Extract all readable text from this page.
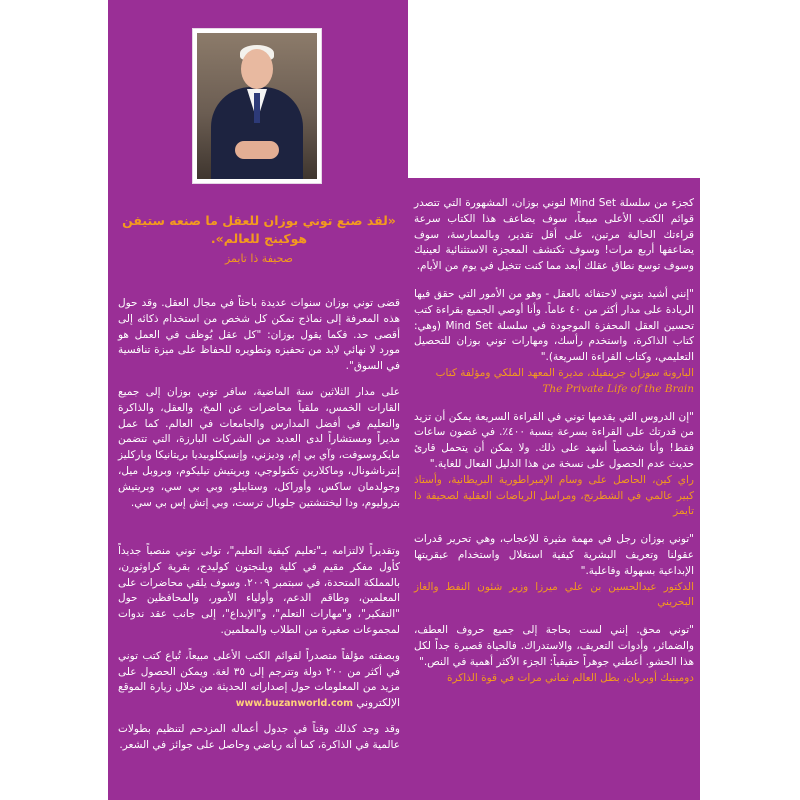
«لقد صنع توني بوزان للعقل ما صنعه ستيفن هوكينج للعالم».

صحيفة ذا تايمز

قضى توني بوزان سنوات عديدة باحثاً في مجال العقل. وقد حول هذه المعرفة إلى نماذج تمكن كل شخص من استخدام ذكائه إلى أقصى حد. فكما يقول بوزان: "كل عقل يُوظف في العمل هو مورد لا نهائي لابد من تحفيزه وتطويره للحفاظ على ميزة تنافسية في السوق".

على مدار الثلاثين سنة الماضية، سافر توني بوزان إلى جميع القارات الخمس، ملقياً محاضرات عن المخ، والعقل، والذاكرة والتعليم في أفضل المدارس والجامعات في العالم. كما عمل مديراً ومستشاراً لدى العديد من الشركات البارزة، التي تتضمن مايكروسوفت، وآي بي إم، وديزني، وإنسيكلوبيديا بريتانيكا وباركليز إنترناشونال، وماكلارين تكنولوجي، وبريتيش تيليكوم، وبروبل ميل، وجولدمان ساكس، وأوراكل، وستابيلو، وبي بي سي، وبريتيش بتروليوم، ودا ليختنشتين جلوبال ترست، وبي إتش إس بي سي.

وتقديراً لالتزامه بـ"تعليم كيفية التعليم"، تولى توني منصباً جديداً كأول مفكر مقيم في كلية ويلنجتون كوليدج، بقرية كراوثورن، بالمملكة المتحدة، في سبتمبر ٢٠٠٩. وسوف يلقي محاضرات على المعلمين، وطاقم الدعم، وأولياء الأمور، والمحافظين حول "التفكير"، و"مهارات التعلم"، و"الإبداع"، إلى جانب عقد ندوات لمجموعات صغيرة من الطلاب والمعلمين.

وبصفته مؤلفاً متصدراً لقوائم الكتب الأعلى مبيعاً، تُباع كتب توني في أكثر من ٢٠٠ دولة وتترجم إلى ٣٥ لغة. ويمكن الحصول على مزيد من المعلومات حول إصداراته الحديثة من خلال زيارة الموقع الإلكتروني www.buzanworld.com

وقد وجد كذلك وقتاً في جدول أعماله المزدحم لتنظيم بطولات عالمية في الذاكرة، كما أنه رياضي وحاصل على جوائز في الشعر.

كجزء من سلسلة Mind Set لتوني بوزان، المشهورة التي تتصدر قوائم الكتب الأعلى مبيعاً، سوف يضاعف هذا الكتاب سرعة قراءتك الحالية مرتين، على أقل تقدير، وبالممارسة، سوف يضاعفها أربع مرات! وسوف تكتشف المعجزة الاستثنائية لعينيك وسوف توسع نطاق عقلك أبعد مما كنت تتخيل في يوم من الأيام.

"إنني أشيد بتوني لاحتفائه بالعقل - وهو من الأمور التي حقق فيها الريادة على مدار أكثر من ٤٠ عاماً. وأنا أوصي الجميع بقراءة كتب تحسين العقل المحفزة الموجودة في سلسلة Mind Set (وهي: كتاب الذاكرة، واستخدم رأسك، ومهارات توني بوزان للتحصيل التعليمي، وكتاب القراءة السريعة)."

البارونة سوزان جرينفيلد، مديرة المعهد الملكي ومؤلفة كتاب

The Private Life of the Brain

"إن الدروس التي يقدمها توني في القراءة السريعة يمكن أن تزيد من قدرتك على القراءة بسرعة بنسبة ٤٠٠٪. في غضون ساعات فقط! وأنا شخصياً أشهد على ذلك. ولا يمكن أن يتحمل قارئ حديث عدم الحصول على نسخة من هذا الدليل الفعال للغاية."

راي كين، الحاصل على وسام الإمبراطورية البريطانية، وأستاذ كبير عالمي في الشطرنج، ومراسل الرياضات العقلية لصحيفة ذا تايمز

"توني بوزان رجل في مهمة مثيرة للإعجاب، وهي تحرير قدرات عقولنا وتعريف البشرية كيفية استغلال واستخدام عبقريتها الإبداعية بسهولة وفاعلية."

الدكتور عبدالحسين بن علي ميرزا وزير شئون النفط والغاز البحريني

"توني محق. إنني لست بحاجة إلى جميع حروف العطف، والضمائر، وأدوات التعريف، والاستدراك. فالحياة قصيرة جداً لكل هذا الحشو. أعطني جوهراً حقيقياً: الجزء الأكثر أهمية في النص."

دومينيك أوبريان، بطل العالم ثماني مرات في قوة الذاكرة
